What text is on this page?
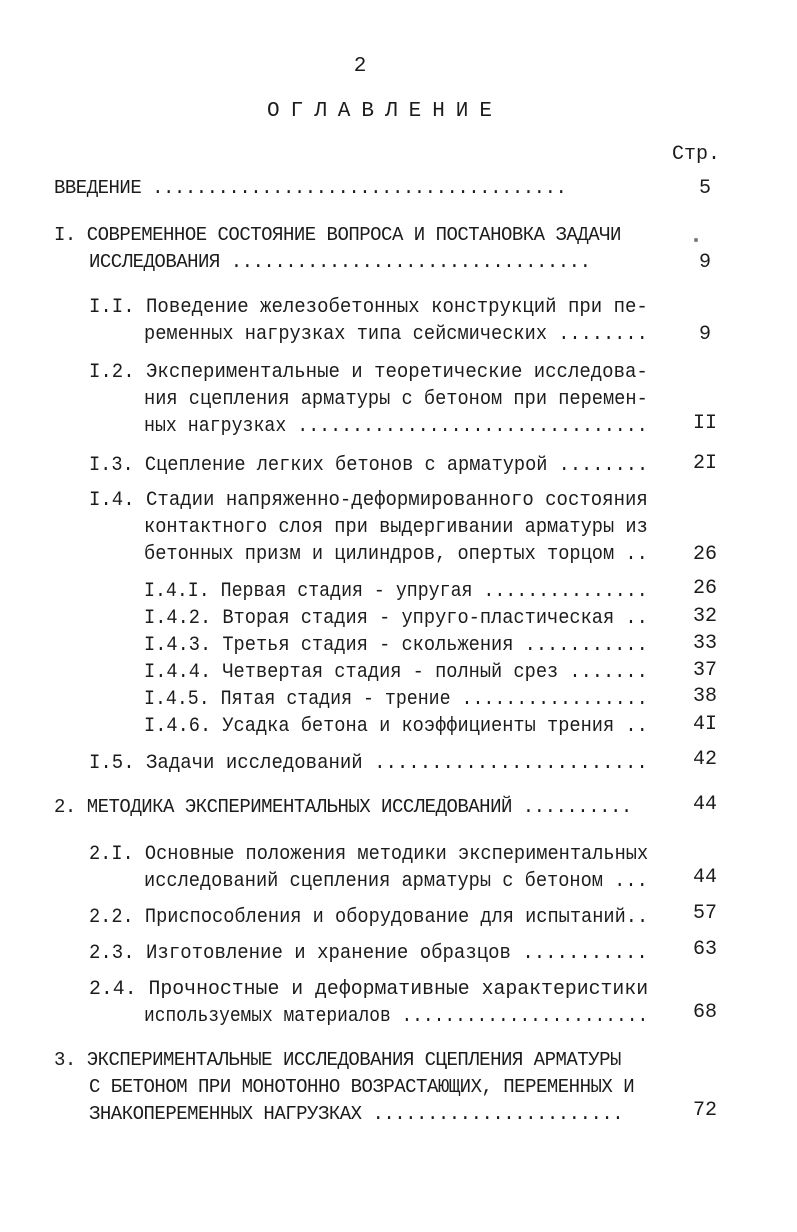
2
ОГЛАВЛЕНИЕ
Стр.
ВВЕДЕНИЕ ......................................	5
I. СОВРЕМЕННОЕ СОСТОЯНИЕ ВОПРОСА И ПОСТАНОВКА ЗАДАЧИ
ИССЛЕДОВАНИЯ .................................	9
I.I. Поведение железобетонных конструкций при пе-
ременных нагрузках типа сейсмических ........	9
I.2. Экспериментальные и теоретические исследова-
ния сцепления арматуры с бетоном при перемен-
ных нагрузках ................................	II
I.3. Сцепление легких бетонов с арматурой ........	2I
I.4. Стадии напряженно-деформированного состояния
контактного слоя при выдергивании арматуры из
бетонных призм и цилиндров, опертых торцом ..	26
I.4.I. Первая стадия - упругая ...............	26
I.4.2. Вторая стадия - упруго-пластическая ..	32
I.4.3. Третья стадия - скольжения ...........	33
I.4.4. Четвертая стадия - полный срез .......	37
I.4.5. Пятая стадия - трение .................	38
I.4.6. Усадка бетона и коэффициенты трения ..	4I
I.5. Задачи исследований ........................	42
2. МЕТОДИКА ЭКСПЕРИМЕНТАЛЬНЫХ ИССЛЕДОВАНИЙ ..........	44
2.I. Основные положения методики экспериментальных
исследований сцепления арматуры с бетоном ...	44
2.2. Приспособления и оборудование для испытаний..	57
2.3. Изготовление и хранение образцов ...........	63
2.4. Прочностные и деформативные характеристики
используемых материалов .......................	68
3. ЭКСПЕРИМЕНТАЛЬНЫЕ ИССЛЕДОВАНИЯ СЦЕПЛЕНИЯ АРМАТУРЫ
С БЕТОНОМ ПРИ МОНОТОННО ВОЗРАСТАЮЩИХ, ПЕРЕМЕННЫХ И
ЗНАКОПЕРЕМЕННЫХ НАГРУЗКАХ .......................	72
